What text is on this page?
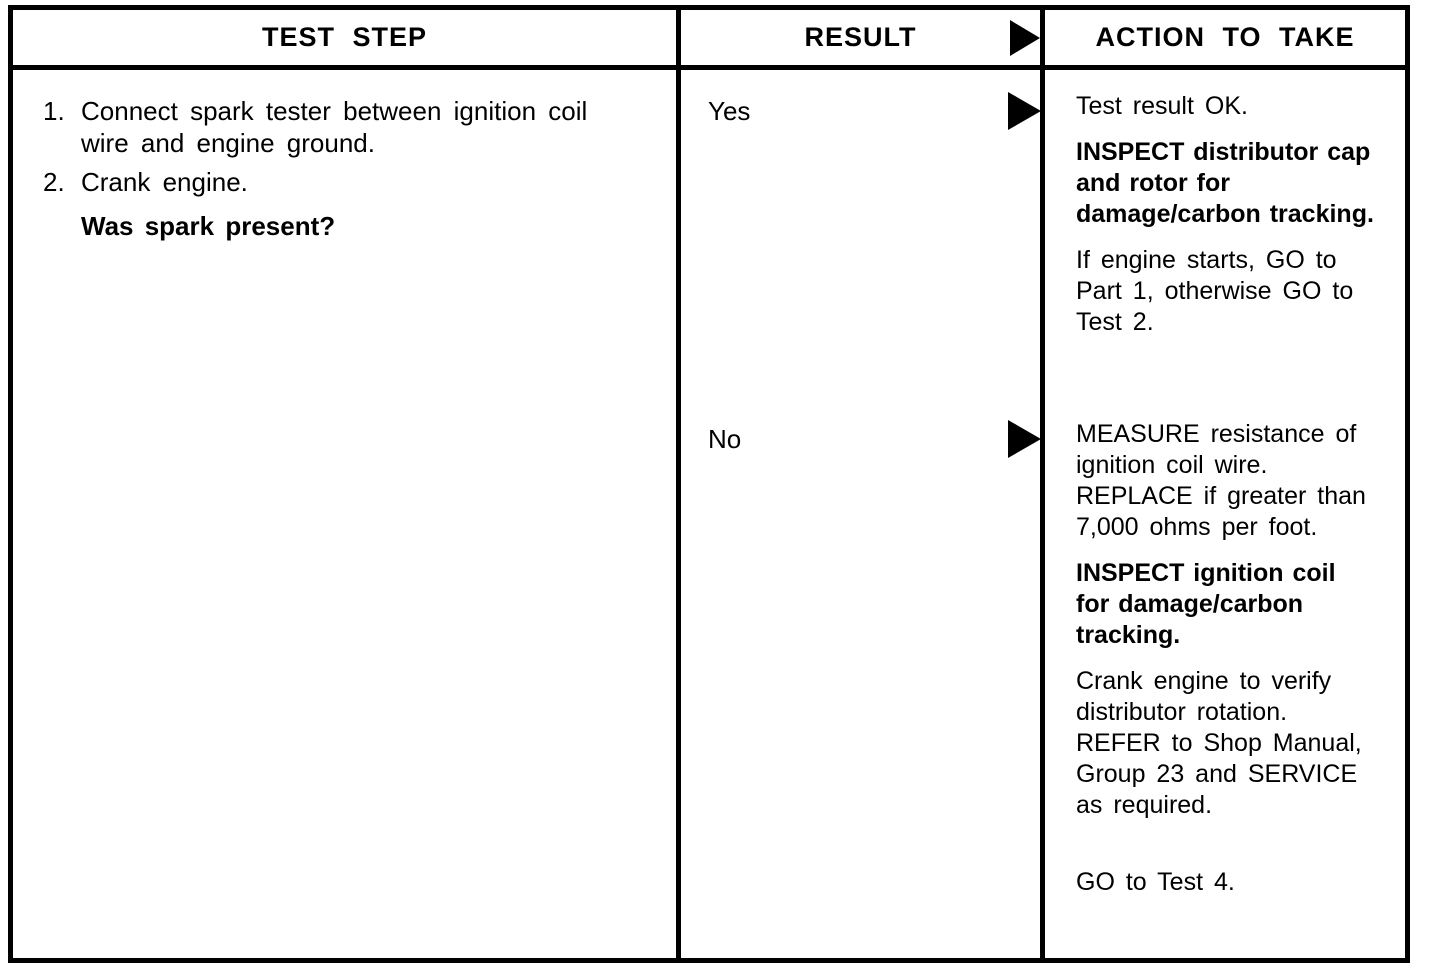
TEST STEP	RESULT	ACTION TO TAKE
1. Connect spark tester between ignition coil wire and engine ground.
2. Crank engine.
Was spark present?
Yes
No

Test result OK.

INSPECT distributor cap and rotor for damage/carbon tracking.

If engine starts, GO to Part 1, otherwise GO to Test 2.

MEASURE resistance of ignition coil wire. REPLACE if greater than 7,000 ohms per foot.

INSPECT ignition coil for damage/carbon tracking.

Crank engine to verify distributor rotation. REFER to Shop Manual, Group 23 and SERVICE as required.

GO to Test 4.
